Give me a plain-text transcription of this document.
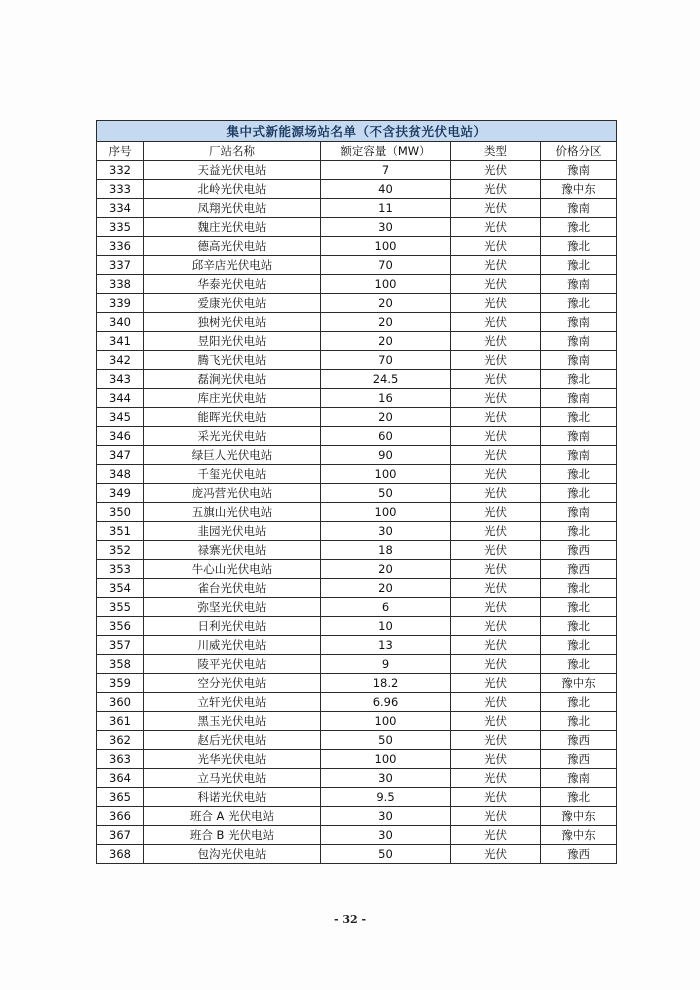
集中式新能源场站名单（不含扶贫光伏电站）				
序号	厂站名称	额定容量（MW）	类型	价格分区
332	天益光伏电站	7	光伏	豫南
333	北岭光伏电站	40	光伏	豫中东
334	凤翔光伏电站	11	光伏	豫南
335	魏庄光伏电站	30	光伏	豫北
336	德高光伏电站	100	光伏	豫北
337	邱辛店光伏电站	70	光伏	豫北
338	华泰光伏电站	100	光伏	豫南
339	爱康光伏电站	20	光伏	豫北
340	独树光伏电站	20	光伏	豫南
341	昱阳光伏电站	20	光伏	豫南
342	腾飞光伏电站	70	光伏	豫南
343	磊涧光伏电站	24.5	光伏	豫北
344	库庄光伏电站	16	光伏	豫南
345	能晖光伏电站	20	光伏	豫北
346	采光光伏电站	60	光伏	豫南
347	绿巨人光伏电站	90	光伏	豫南
348	千玺光伏电站	100	光伏	豫北
349	庞冯营光伏电站	50	光伏	豫北
350	五旗山光伏电站	100	光伏	豫南
351	韭园光伏电站	30	光伏	豫北
352	禄寨光伏电站	18	光伏	豫西
353	牛心山光伏电站	20	光伏	豫西
354	雀台光伏电站	20	光伏	豫北
355	弥坚光伏电站	6	光伏	豫北
356	日利光伏电站	10	光伏	豫北
357	川威光伏电站	13	光伏	豫北
358	陵平光伏电站	9	光伏	豫北
359	空分光伏电站	18.2	光伏	豫中东
360	立轩光伏电站	6.96	光伏	豫北
361	黑玉光伏电站	100	光伏	豫北
362	赵后光伏电站	50	光伏	豫西
363	光华光伏电站	100	光伏	豫西
364	立马光伏电站	30	光伏	豫南
365	科诺光伏电站	9.5	光伏	豫北
366	班合 A 光伏电站	30	光伏	豫中东
367	班合 B 光伏电站	30	光伏	豫中东
368	包沟光伏电站	50	光伏	豫西
- 32 -
